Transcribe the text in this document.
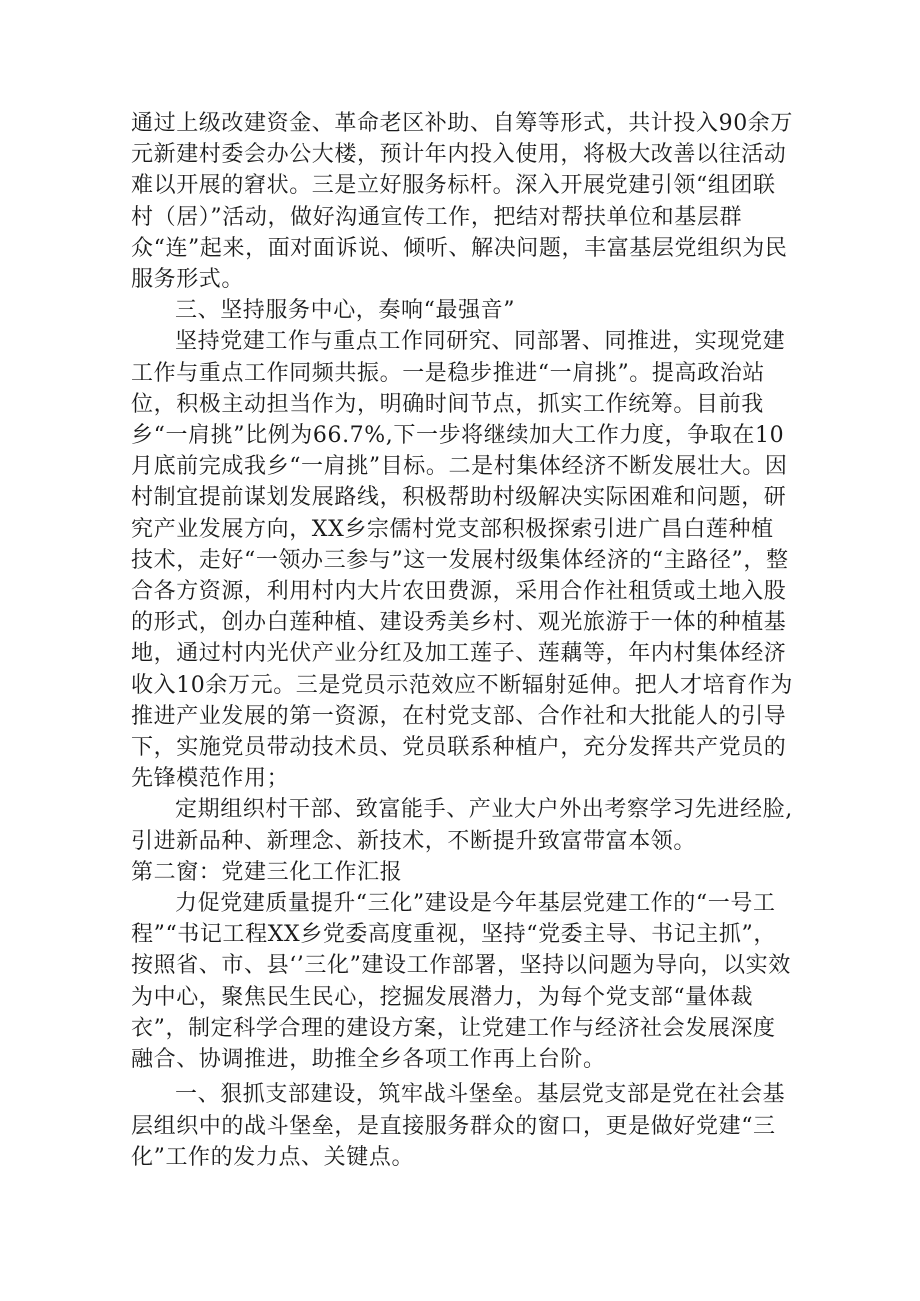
通过上级改建资金、革命老区补助、自筹等形式，共计投入90余万元新建村委会办公大楼，预计年内投入使用，将极大改善以往活动难以开展的窘状。三是立好服务标杆。深入开展党建引领“组团联村（居）”活动，做好沟通宣传工作，把结对帮扶单位和基层群众“连”起来，面对面诉说、倾听、解决问题，丰富基层党组织为民服务形式。

三、坚持服务中心，奏响“最强音”

坚持党建工作与重点工作同研究、同部署、同推进，实现党建工作与重点工作同频共振。一是稳步推进“一肩挑”。提高政治站位，积极主动担当作为，明确时间节点，抓实工作统筹。目前我乡“一肩挑”比例为66.7%,下一步将继续加大工作力度，争取在10月底前完成我乡“一肩挑”目标。二是村集体经济不断发展壮大。因村制宜提前谋划发展路线，积极帮助村级解决实际困难和问题，研究产业发展方向，XX乡宗儒村党支部积极探索引进广昌白莲种植技术，走好“一领办三参与”这一发展村级集体经济的“主路径”，整合各方资源，利用村内大片农田费源，采用合作社租赁或土地入股的形式，创办白莲种植、建设秀美乡村、观光旅游于一体的种植基地，通过村内光伏产业分红及加工莲子、莲藕等，年内村集体经济收入10余万元。三是党员示范效应不断辐射延伸。把人才培育作为推进产业发展的第一资源，在村党支部、合作社和大批能人的引导下，实施党员带动技术员、党员联系种植户，充分发挥共产党员的先锋模范作用；

定期组织村干部、致富能手、产业大户外出考察学习先进经脸,引进新品种、新理念、新技术，不断提升致富带富本领。

第二窗：党建三化工作汇报

力促党建质量提升“三化”建设是今年基层党建工作的“一号工程”“书记工程XX乡党委高度重视，坚持“党委主导、书记主抓”，按照省、市、县‘’三化”建设工作部署，坚持以问题为导向，以实效为中心，聚焦民生民心，挖掘发展潜力，为每个党支部“量体裁衣”，制定科学合理的建设方案，让党建工作与经济社会发展深度融合、协调推进，助推全乡各项工作再上台阶。

一、狠抓支部建设，筑牢战斗堡垒。基层党支部是党在社会基层组织中的战斗堡垒，是直接服务群众的窗口，更是做好党建“三化”工作的发力点、关键点。
